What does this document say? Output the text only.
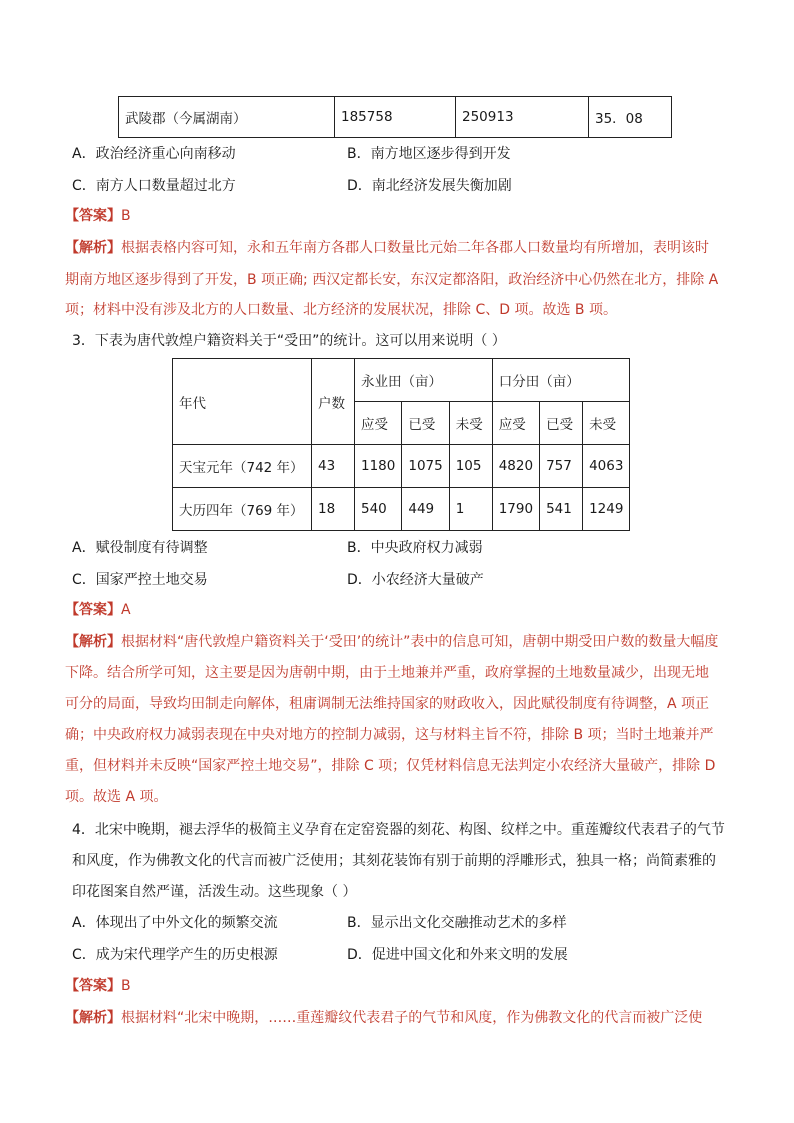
武陵郡（今属湖南）	185758	250913	35．08
A．政治经济重心向南移动	B．南方地区逐步得到开发
C．南方人口数量超过北方	D．南北经济发展失衡加剧
【答案】B
【解析】根据表格内容可知，永和五年南方各郡人口数量比元始二年各郡人口数量均有所增加，表明该时
期南方地区逐步得到了开发，B 项正确; 西汉定都长安，东汉定都洛阳，政治经济中心仍然在北方，排除 A
项；材料中没有涉及北方的人口数量、北方经济的发展状况，排除 C、D 项。故选 B 项。
3．下表为唐代敦煌户籍资料关于“受田”的统计。这可以用来说明（ ）
年代	户数	永业田（亩）			口分田（亩）		
		应受	已受	未受	应受	已受	未受
天宝元年（742 年）	43	1180	1075	105	4820	757	4063
大历四年（769 年）	18	540	449	1	1790	541	1249
A．赋役制度有待调整	B．中央政府权力减弱
C．国家严控土地交易	D．小农经济大量破产
【答案】A
【解析】根据材料“唐代敦煌户籍资料关于‘受田’的统计”表中的信息可知，唐朝中期受田户数的数量大幅度
下降。结合所学可知，这主要是因为唐朝中期，由于土地兼并严重，政府掌握的土地数量减少，出现无地
可分的局面，导致均田制走向解体，租庸调制无法维持国家的财政收入，因此赋役制度有待调整，A 项正
确；中央政府权力减弱表现在中央对地方的控制力减弱，这与材料主旨不符，排除 B 项；当时土地兼并严
重，但材料并未反映“国家严控土地交易”，排除 C 项；仅凭材料信息无法判定小农经济大量破产，排除 D
项。故选 A 项。
4．北宋中晚期，褪去浮华的极简主义孕育在定窑瓷器的刻花、构图、纹样之中。重莲瓣纹代表君子的气节
和风度，作为佛教文化的代言而被广泛使用；其刻花装饰有别于前期的浮雕形式，独具一格；尚简素雅的
印花图案自然严谨，活泼生动。这些现象（ ）
A．体现出了中外文化的频繁交流	B．显示出文化交融推动艺术的多样
C．成为宋代理学产生的历史根源	D．促进中国文化和外来文明的发展
【答案】B
【解析】根据材料“北宋中晚期，……重莲瓣纹代表君子的气节和风度，作为佛教文化的代言而被广泛使
